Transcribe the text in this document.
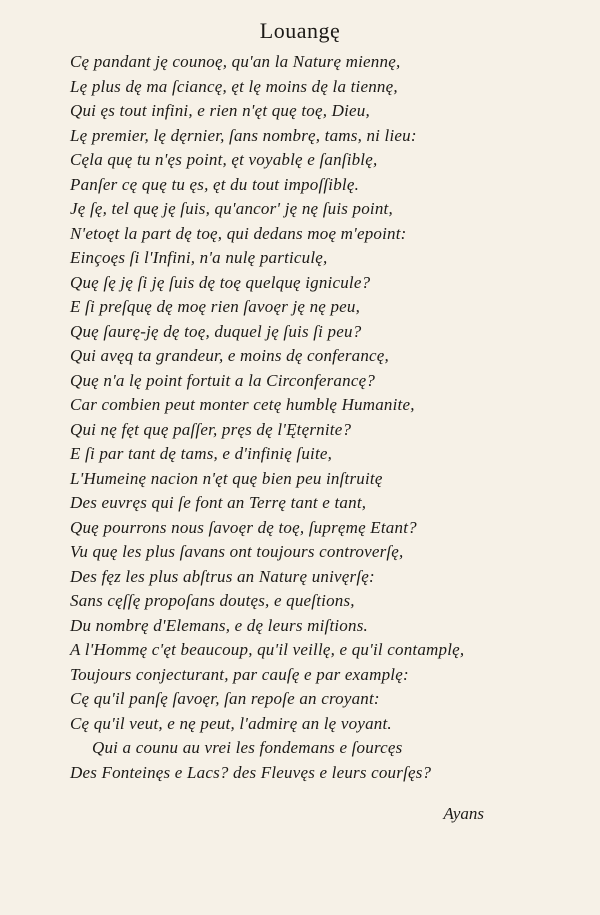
Louangę
Cę pandant ję counoę, qu'an la Naturę miennę,
Lę plus dę ma ſciancę, ęt lę moins dę la tiennę,
Qui ęs tout infini, e rien n'ęt quę toę, Dieu,
Lę premier, lę dęrnier, ſans nombrę, tams, ni lieu:
Cęla quę tu n'ęs point, ęt voyablę e ſanſiblę,
Panſer cę quę tu ęs, ęt du tout impoſſiblę.
Ję ſę, tel quę ję ſuis, qu'ancor' ję nę ſuis point,
N'etoęt la part dę toę, qui dedans moę m'epoint:
Einçoęs ſi l'Infini, n'a nulę particulę,
Quę ſę ję ſi ję ſuis dę toę quelquę ignicule?
E ſi preſquę dę moę rien ſavoęr ję nę peu,
Quę ſaurę-ję dę toę, duquel ję ſuis ſi peu?
Qui avęq ta grandeur, e moins dę conferancę,
Quę n'a lę point fortuit a la Circonferancę?
Car combien peut monter cetę humblę Humanite,
Qui nę fęt quę paſſer, pręs dę l'Ętęrnite?
E ſi par tant dę tams, e d'infinię ſuite,
L'Humeinę nacion n'ęt quę bien peu inſtruitę
Des euvręs qui ſe font an Terrę tant e tant,
Quę pourrons nous ſavoęr dę toę, ſupręmę Etant?
Vu quę les plus ſavans ont toujours controverſę,
Des fęz les plus abſtrus an Naturę univęrſę:
Sans cęſſę propoſans doutęs, e queſtions,
Du nombrę d'Elemans, e dę leurs miſtions.
A l'Hommę c'ęt beaucoup, qu'il veillę, e qu'il contamplę,
Toujours conjecturant, par cauſę e par examplę:
Cę qu'il panſę ſavoęr, ſan repoſe an croyant:
Cę qu'il veut, e nę peut, l'admirę an lę voyant.
Qui a counu au vrei les fondemans e ſourcęs
Des Fonteinęs e Lacs? des Fleuvęs e leurs courſęs?
Ayans
